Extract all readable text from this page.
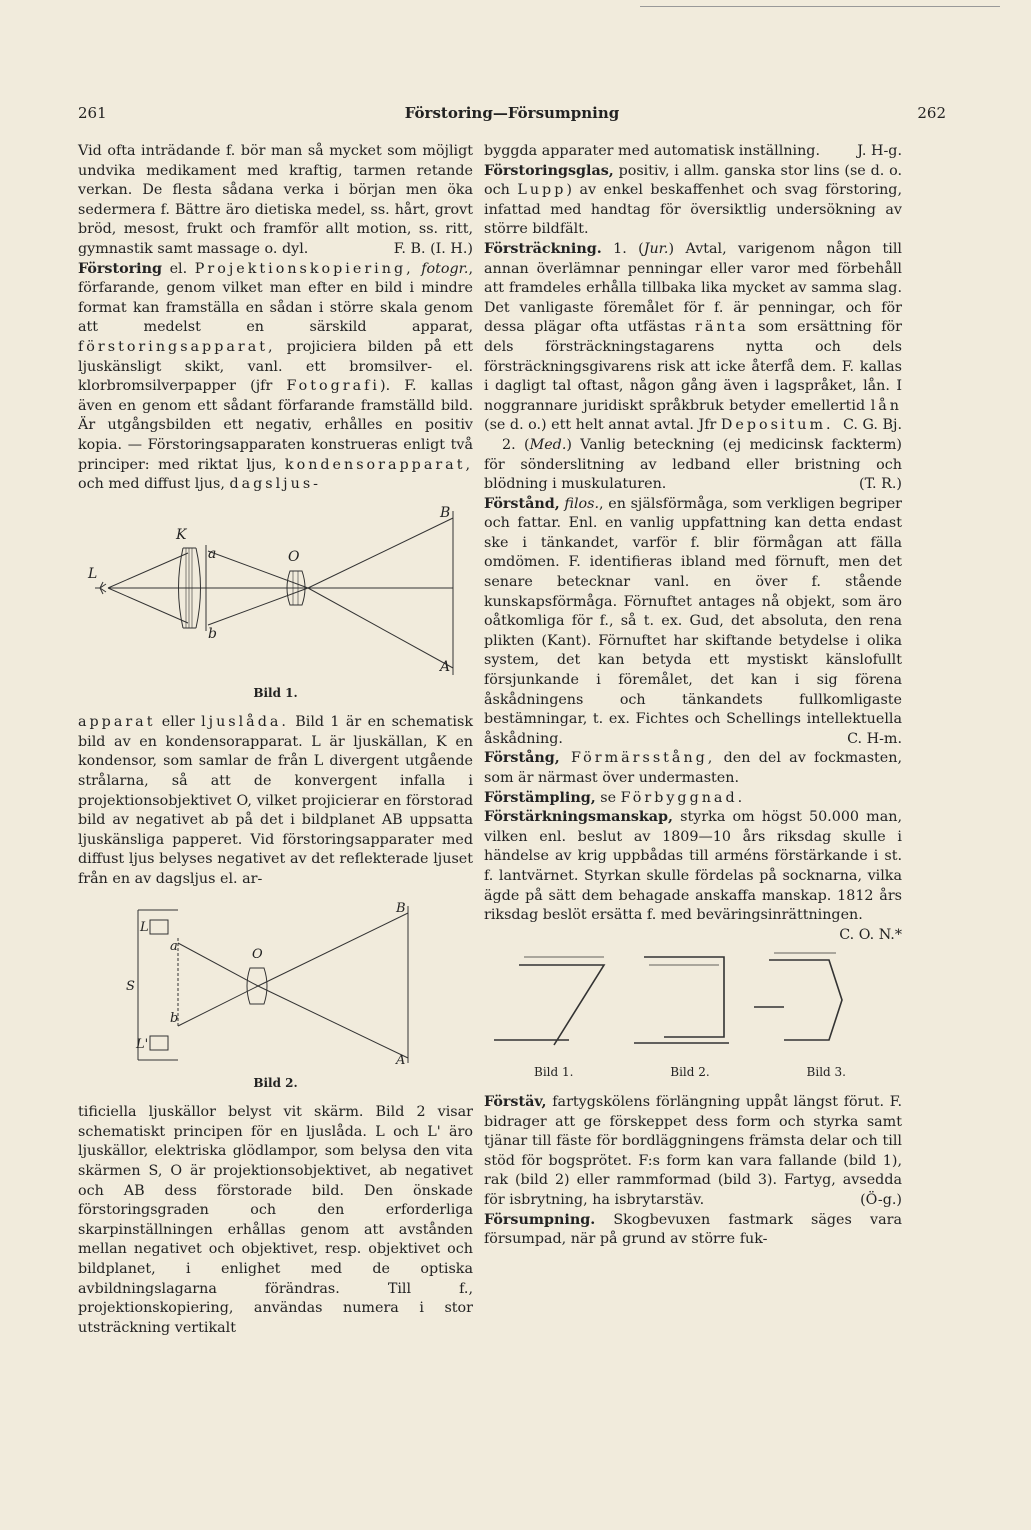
261	Förstoring—Försumpning	262

Vid ofta inträdande f. bör man så mycket som möjligt undvika medikament med kraftig, tarmen retande verkan. De flesta sådana verka i början men öka sedermera f. Bättre äro dietiska medel, ss. hårt, grovt bröd, mesost, frukt och framför allt motion, ss. ritt, gymnastik samt massage o. dyl.	F. B. (I. H.)

Förstoring el. Projektionskopiering, fotogr., förfarande, genom vilket man efter en bild i mindre format kan framställa en sådan i större skala genom att medelst en särskild apparat, förstoringsapparat, projiciera bilden på ett ljuskänsligt skikt, vanl. ett bromsilver- el. klorbromsilverpapper (jfr Fotografi). F. kallas även en genom ett sådant förfarande framställd bild. Är utgångsbilden ett negativ, erhålles en positiv kopia. — Förstoringsapparaten konstrueras enligt två principer: med riktat ljus, kondensorapparat, och med diffust ljus, dagsljus-

K
a	O
L
b
B
A
Bild 1.

apparat eller ljuslåda. Bild 1 är en schematisk bild av en kondensorapparat. L är ljuskällan, K en kondensor, som samlar de från L divergent utgående strålarna, så att de konvergent infalla i projektionsobjektivet O, vilket projicierar en förstorad bild av negativet ab på det i bildplanet AB uppsatta ljuskänsliga papperet. Vid förstoringsapparater med diffust ljus belyses negativet av det reflekterade ljuset från en av dagsljus el. ar-

L
a
O
B
S
b
L'
A
Bild 2.

tificiella ljuskällor belyst vit skärm. Bild 2 visar schematiskt principen för en ljuslåda. L och L' äro ljuskällor, elektriska glödlampor, som belysa den vita skärmen S, O är projektionsobjektivet, ab negativet och AB dess förstorade bild. Den önskade förstoringsgraden och den erforderliga skarpinställningen erhållas genom att avstånden mellan negativet och objektivet, resp. objektivet och bildplanet, i enlighet med de optiska avbildningslagarna förändras. Till f., projektionskopiering, användas numera i stor utsträckning vertikalt

byggda apparater med automatisk inställning.	J. H-g.

Förstoringsglas, positiv, i allm. ganska stor lins (se d. o. och Lupp) av enkel beskaffenhet och svag förstoring, infattad med handtag för översiktlig undersökning av större bildfält.

Försträckning. 1. (Jur.) Avtal, varigenom någon till annan överlämnar penningar eller varor med förbehåll att framdeles erhålla tillbaka lika mycket av samma slag. Det vanligaste föremålet för f. är penningar, och för dessa plägar ofta utfästas ränta som ersättning för dels försträckningstagarens nytta och dels försträckningsgivarens risk att icke återfå dem. F. kallas i dagligt tal oftast, någon gång även i lagspråket, lån. I noggrannare juridiskt språkbruk betyder emellertid lån (se d. o.) ett helt annat avtal. Jfr Depositum. C. G. Bj.

2. (Med.) Vanlig beteckning (ej medicinsk fackterm) för sönderslitning av ledband eller bristning och blödning i muskulaturen.	(T. R.)

Förstånd, filos., en själsförmåga, som verkligen begriper och fattar. Enl. en vanlig uppfattning kan detta endast ske i tänkandet, varför f. blir förmågan att fälla omdömen. F. identifieras ibland med förnuft, men det senare betecknar vanl. en över f. stående kunskapsförmåga. Förnuftet antages nå objekt, som äro oåtkomliga för f., så t. ex. Gud, det absoluta, den rena plikten (Kant). Förnuftet har skiftande betydelse i olika system, det kan betyda ett mystiskt känslofullt försjunkande i föremålet, det kan i sig förena åskådningens och tänkandets fullkomligaste bestämningar, t. ex. Fichtes och Schellings intellektuella åskådning.	C. H-m.

Förstång, Förmärsstång, den del av fockmasten, som är närmast över undermasten.

Förstämpling, se Förbyggnad.

Förstärkningsmanskap, styrka om högst 50.000 man, vilken enl. beslut av 1809—10 års riksdag skulle i händelse av krig uppbådas till arméns förstärkande i st. f. lantvärnet. Styrkan skulle fördelas på socknarna, vilka ägde på sätt dem behagade anskaffa manskap. 1812 års riksdag beslöt ersätta f. med beväringsinrättningen.
C. O. N.*

Bild 1.	Bild 2.	Bild 3.

Förstäv, fartygskölens förlängning uppåt längst förut. F. bidrager att ge förskeppet dess form och styrka samt tjänar till fäste för bordläggningens främsta delar och till stöd för bogsprötet. F:s form kan vara fallande (bild 1), rak (bild 2) eller rammformad (bild 3). Fartyg, avsedda för isbrytning, ha isbrytarstäv.	(Ö-g.)

Försumpning. Skogbevuxen fastmark säges vara försumpad, när på grund av större fuk-
